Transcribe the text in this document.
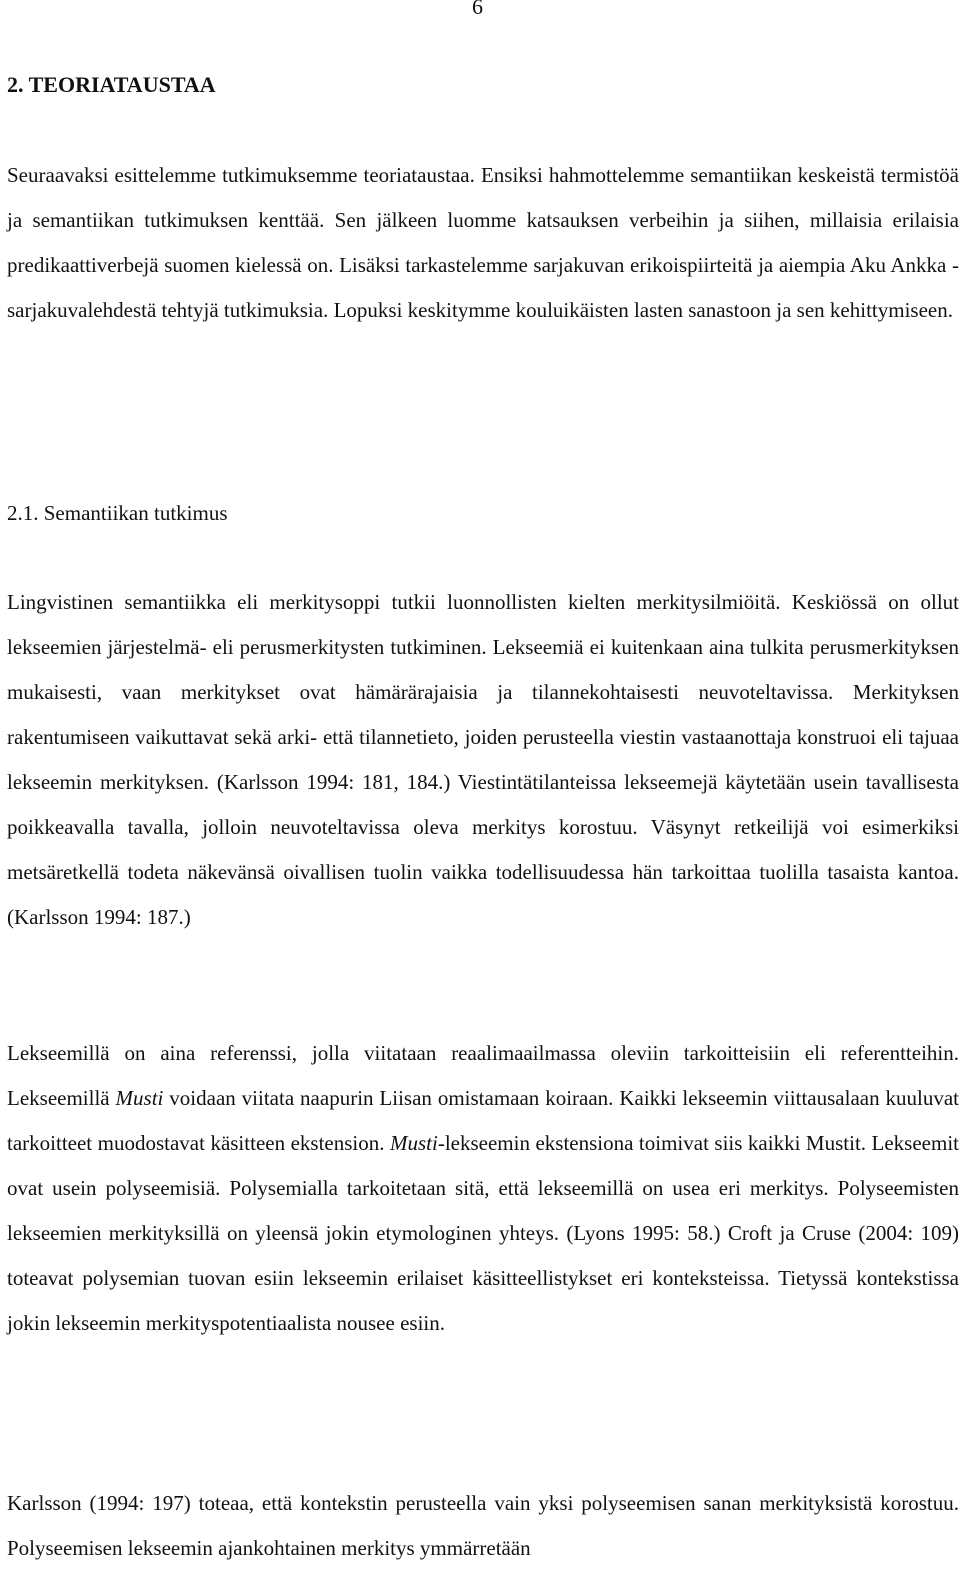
6
2. TEORIATAUSTAA

Seuraavaksi esittelemme tutkimuksemme teoriataustaa. Ensiksi hahmottelemme semantiikan keskeistä termistöä ja semantiikan tutkimuksen kenttää. Sen jälkeen luomme katsauksen verbeihin ja siihen, millaisia erilaisia predikaattiverbejä suomen kielessä on. Lisäksi tarkastelemme sarjakuvan erikoispiirteitä ja aiempia Aku Ankka -sarjakuvalehdestä tehtyjä tutkimuksia. Lopuksi keskitymme kouluikäisten lasten sanastoon ja sen kehittymiseen.

2.1. Semantiikan tutkimus

Lingvistinen semantiikka eli merkitysoppi tutkii luonnollisten kielten merkitysilmiöitä. Keskiössä on ollut lekseemien järjestelmä- eli perusmerkitysten tutkiminen. Lekseemiä ei kuitenkaan aina tulkita perusmerkityksen mukaisesti, vaan merkitykset ovat hämärärajaisia ja tilannekohtaisesti neuvoteltavissa. Merkityksen rakentumiseen vaikuttavat sekä arki- että tilannetieto, joiden perusteella viestin vastaanottaja konstruoi eli tajuaa lekseemin merkityksen. (Karlsson 1994: 181, 184.) Viestintätilanteissa lekseemejä käytetään usein tavallisesta poikkeavalla tavalla, jolloin neuvoteltavissa oleva merkitys korostuu. Väsynyt retkeilijä voi esimerkiksi metsäretkellä todeta näkevänsä oivallisen tuolin vaikka todellisuudessa hän tarkoittaa tuolilla tasaista kantoa. (Karlsson 1994: 187.)

Lekseemillä on aina referenssi, jolla viitataan reaalimaailmassa oleviin tarkoitteisiin eli referentteihin. Lekseemillä Musti voidaan viitata naapurin Liisan omistamaan koiraan. Kaikki lekseemin viittausalaan kuuluvat tarkoitteet muodostavat käsitteen ekstension. Musti-lekseemin ekstensiona toimivat siis kaikki Mustit. Lekseemit ovat usein polyseemisiä. Polysemialla tarkoitetaan sitä, että lekseemillä on usea eri merkitys. Polyseemisten lekseemien merkityksillä on yleensä jokin etymologinen yhteys. (Lyons 1995: 58.) Croft ja Cruse (2004: 109) toteavat polysemian tuovan esiin lekseemin erilaiset käsitteellistykset eri konteksteissa. Tietyssä kontekstissa jokin lekseemin merkityspotentiaalista nousee esiin.

Karlsson (1994: 197) toteaa, että kontekstin perusteella vain yksi polyseemisen sanan merkityksistä korostuu. Polyseemisen lekseemin ajankohtainen merkitys ymmärretään
